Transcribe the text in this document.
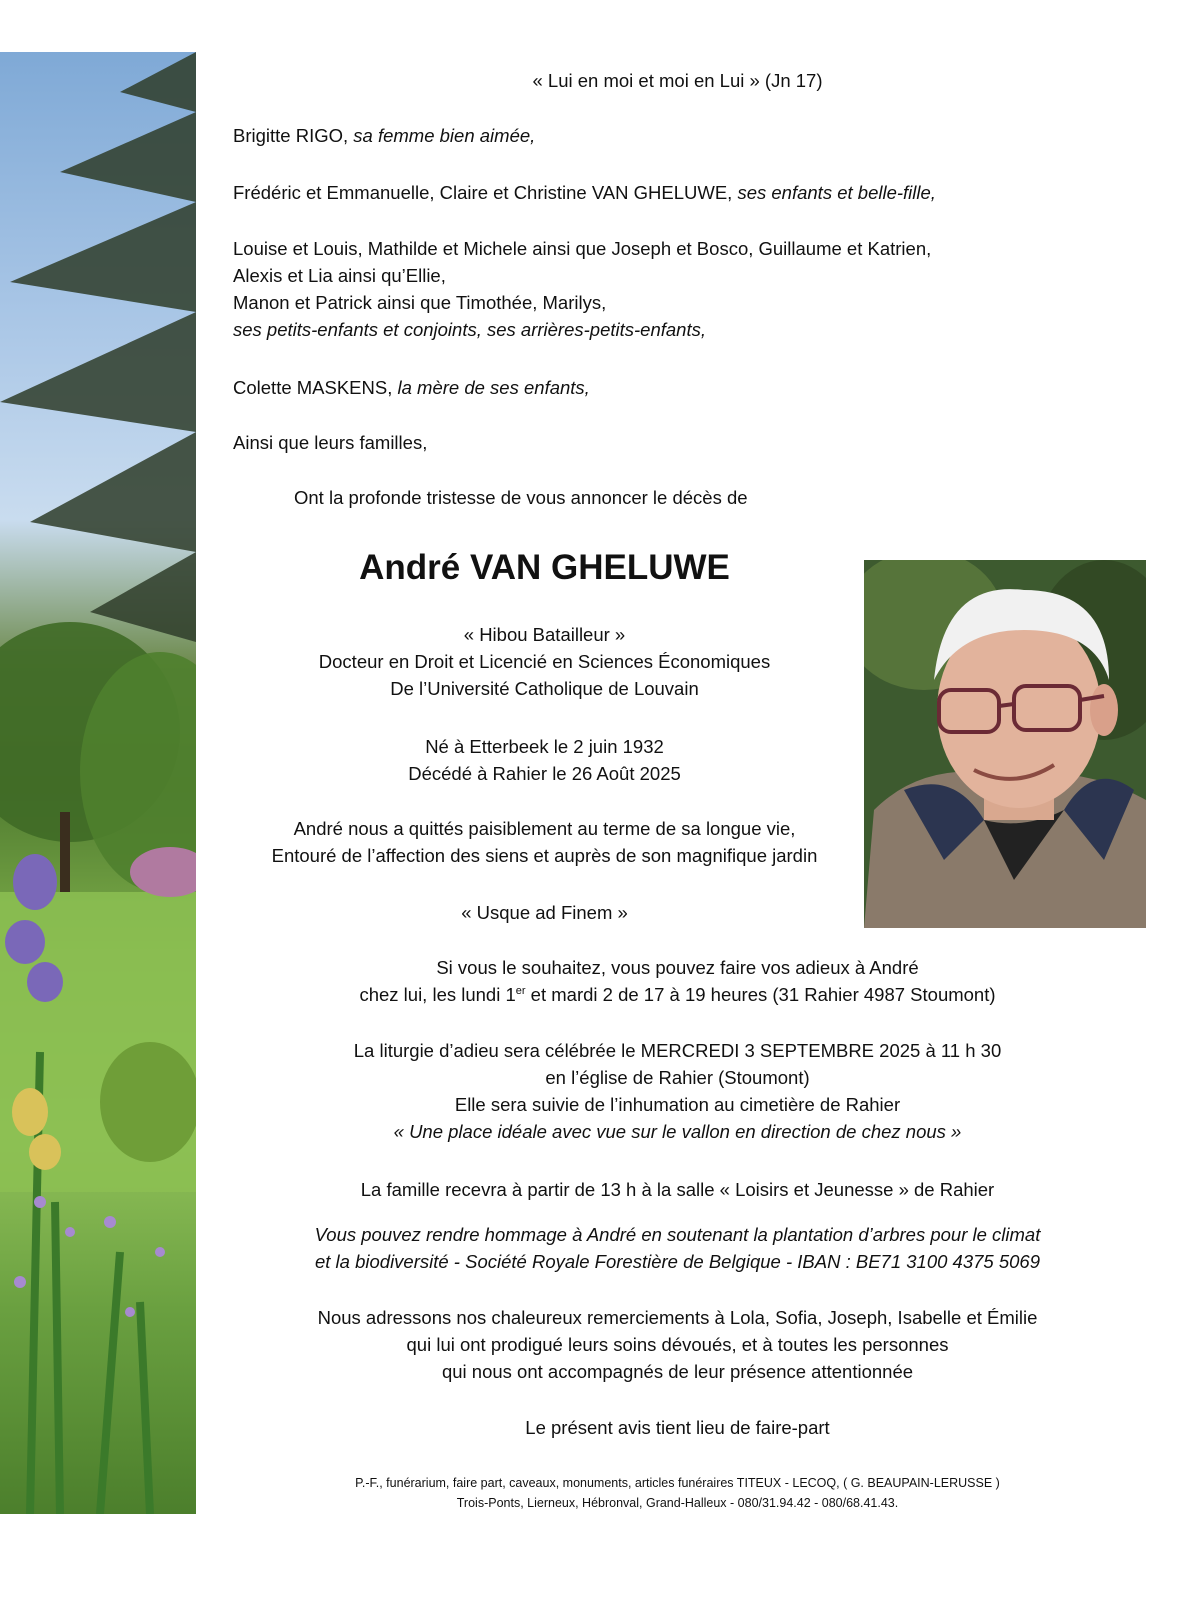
« Lui en moi et moi en Lui » (Jn 17)
Brigitte RIGO, sa femme bien aimée,
Frédéric et Emmanuelle, Claire et Christine VAN GHELUWE, ses enfants et belle-fille,
Louise et Louis, Mathilde et Michele ainsi que Joseph et Bosco, Guillaume et Katrien,
Alexis et Lia ainsi qu’Ellie,
Manon et Patrick ainsi que Timothée, Marilys,
ses petits-enfants et conjoints, ses arrières-petits-enfants,
Colette MASKENS, la mère de ses enfants,
Ainsi que leurs familles,
Ont la profonde tristesse de vous annoncer le décès de
André VAN GHELUWE
« Hibou Batailleur »
Docteur en Droit et Licencié en Sciences Économiques
De l’Université Catholique de Louvain
Né à Etterbeek le 2 juin 1932
Décédé à Rahier le 26 Août 2025
André nous a quittés paisiblement au terme de sa longue vie,
Entouré de l’affection des siens et auprès de son magnifique jardin
« Usque ad Finem »
Si vous le souhaitez, vous pouvez faire vos adieux à André
chez lui, les lundi 1er et mardi 2 de 17 à 19 heures (31 Rahier 4987 Stoumont)
La liturgie d’adieu sera célébrée le MERCREDI 3 SEPTEMBRE 2025 à 11 h 30
en l’église de Rahier (Stoumont)
Elle sera suivie de l’inhumation au cimetière de Rahier
« Une place idéale avec vue sur le vallon en direction de chez nous »
La famille recevra à partir de 13 h à la salle « Loisirs et Jeunesse » de Rahier
Vous pouvez rendre hommage à André en soutenant la plantation d’arbres pour le climat
et la biodiversité - Société Royale Forestière de Belgique - IBAN : BE71 3100 4375 5069
Nous adressons nos chaleureux remerciements à Lola, Sofia, Joseph, Isabelle et Émilie
qui lui ont prodigué leurs soins dévoués, et à toutes les personnes
qui nous ont accompagnés de leur présence attentionnée
Le présent avis tient lieu de faire-part
P.-F., funérarium, faire part, caveaux, monuments, articles funéraires TITEUX - LECOQ, ( G. BEAUPAIN-LERUSSE )
Trois-Ponts, Lierneux, Hébronval, Grand-Halleux - 080/31.94.42 - 080/68.41.43.
